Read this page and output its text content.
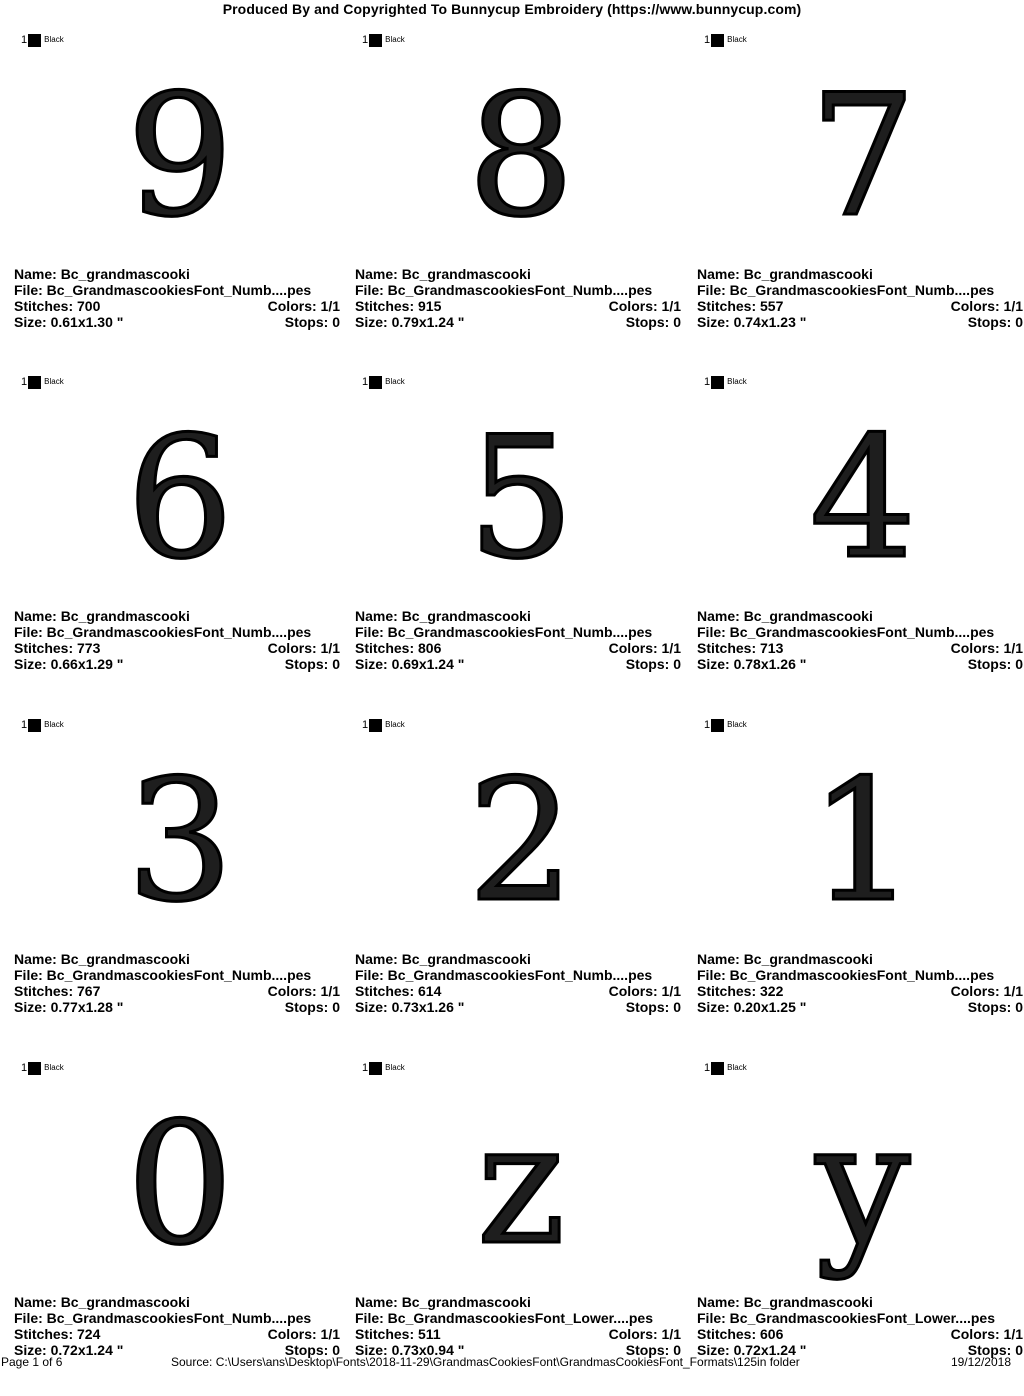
Produced By and Copyrighted To Bunnycup Embroidery (https://www.bunnycup.com)
1 Black
9
Name: Bc_grandmascooki
File: Bc_GrandmascookiesFont_Numb....pes
Stitches: 700	Colors: 1/1
Size: 0.61x1.30 "	Stops: 0
1 Black
8
Name: Bc_grandmascooki
File: Bc_GrandmascookiesFont_Numb....pes
Stitches: 915	Colors: 1/1
Size: 0.79x1.24 "	Stops: 0
1 Black
7
Name: Bc_grandmascooki
File: Bc_GrandmascookiesFont_Numb....pes
Stitches: 557	Colors: 1/1
Size: 0.74x1.23 "	Stops: 0
1 Black
6
Name: Bc_grandmascooki
File: Bc_GrandmascookiesFont_Numb....pes
Stitches: 773	Colors: 1/1
Size: 0.66x1.29 "	Stops: 0
1 Black
5
Name: Bc_grandmascooki
File: Bc_GrandmascookiesFont_Numb....pes
Stitches: 806	Colors: 1/1
Size: 0.69x1.24 "	Stops: 0
1 Black
4
Name: Bc_grandmascooki
File: Bc_GrandmascookiesFont_Numb....pes
Stitches: 713	Colors: 1/1
Size: 0.78x1.26 "	Stops: 0
1 Black
3
Name: Bc_grandmascooki
File: Bc_GrandmascookiesFont_Numb....pes
Stitches: 767	Colors: 1/1
Size: 0.77x1.28 "	Stops: 0
1 Black
2
Name: Bc_grandmascooki
File: Bc_GrandmascookiesFont_Numb....pes
Stitches: 614	Colors: 1/1
Size: 0.73x1.26 "	Stops: 0
1 Black
1
Name: Bc_grandmascooki
File: Bc_GrandmascookiesFont_Numb....pes
Stitches: 322	Colors: 1/1
Size: 0.20x1.25 "	Stops: 0
1 Black
0
Name: Bc_grandmascooki
File: Bc_GrandmascookiesFont_Numb....pes
Stitches: 724	Colors: 1/1
Size: 0.72x1.24 "	Stops: 0
1 Black
z
Name: Bc_grandmascooki
File: Bc_GrandmascookiesFont_Lower....pes
Stitches: 511	Colors: 1/1
Size: 0.73x0.94 "	Stops: 0
1 Black
y
Name: Bc_grandmascooki
File: Bc_GrandmascookiesFont_Lower....pes
Stitches: 606	Colors: 1/1
Size: 0.72x1.24 "	Stops: 0
Page 1 of 6	Source: C:\Users\ans\Desktop\Fonts\2018-11-29\GrandmasCookiesFont\GrandmasCookiesFont_Formats\125in folder	19/12/2018
